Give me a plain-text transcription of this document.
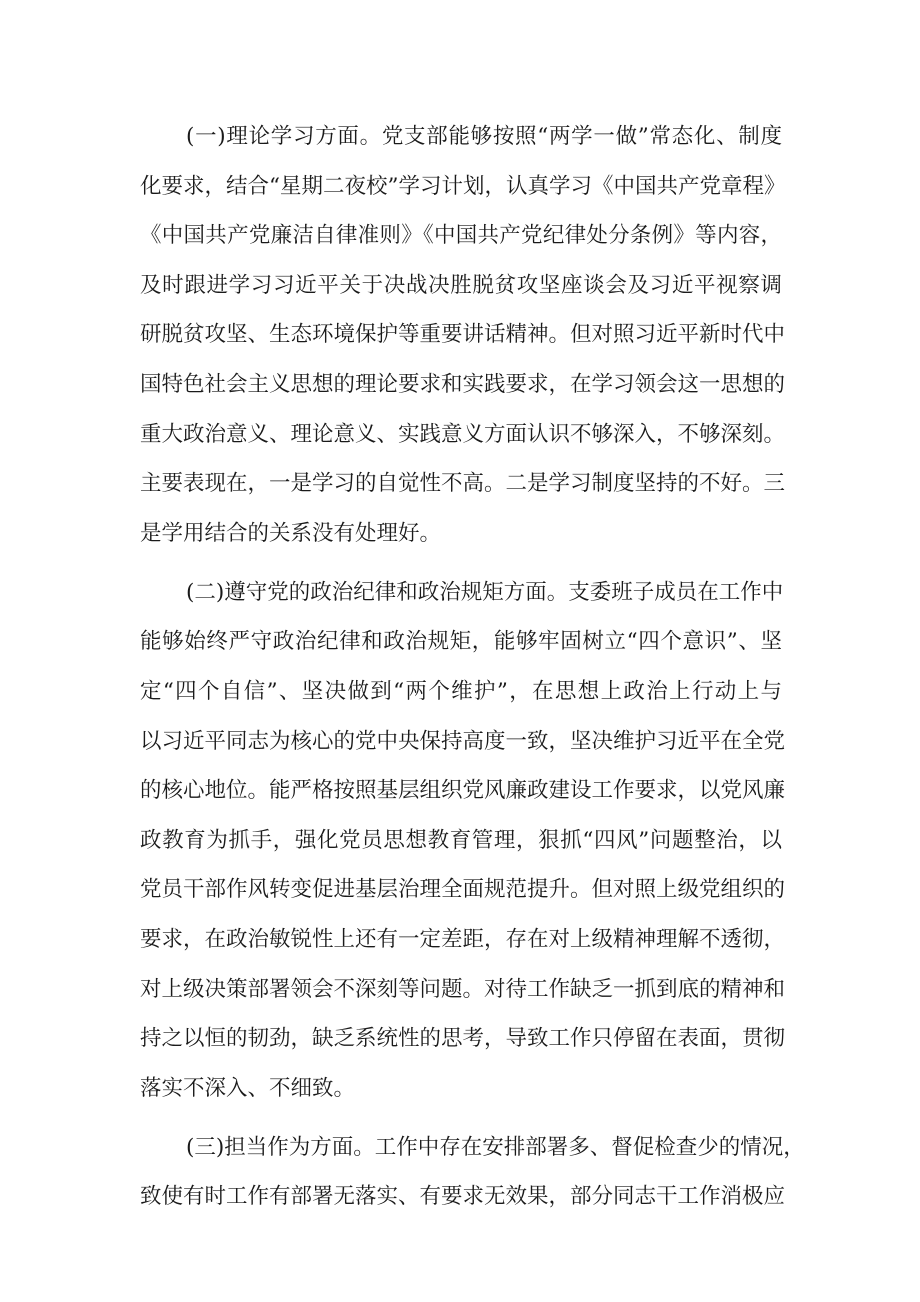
(一)理论学习方面。党支部能够按照“两学一做”常态化、制度
化要求，结合“星期二夜校”学习计划，认真学习《中国共产党章程》
《中国共产党廉洁自律准则》《中国共产党纪律处分条例》等内容，
及时跟进学习习近平关于决战决胜脱贫攻坚座谈会及习近平视察调
研脱贫攻坚、生态环境保护等重要讲话精神。但对照习近平新时代中
国特色社会主义思想的理论要求和实践要求，在学习领会这一思想的
重大政治意义、理论意义、实践意义方面认识不够深入，不够深刻。
主要表现在，一是学习的自觉性不高。二是学习制度坚持的不好。三
是学用结合的关系没有处理好。
(二)遵守党的政治纪律和政治规矩方面。支委班子成员在工作中
能够始终严守政治纪律和政治规矩，能够牢固树立“四个意识”、坚
定“四个自信”、坚决做到“两个维护”，在思想上政治上行动上与
以习近平同志为核心的党中央保持高度一致，坚决维护习近平在全党
的核心地位。能严格按照基层组织党风廉政建设工作要求，以党风廉
政教育为抓手，强化党员思想教育管理，狠抓“四风”问题整治，以
党员干部作风转变促进基层治理全面规范提升。但对照上级党组织的
要求，在政治敏锐性上还有一定差距，存在对上级精神理解不透彻，
对上级决策部署领会不深刻等问题。对待工作缺乏一抓到底的精神和
持之以恒的韧劲，缺乏系统性的思考，导致工作只停留在表面，贯彻
落实不深入、不细致。
(三)担当作为方面。工作中存在安排部署多、督促检查少的情况，
致使有时工作有部署无落实、有要求无效果，部分同志干工作消极应
